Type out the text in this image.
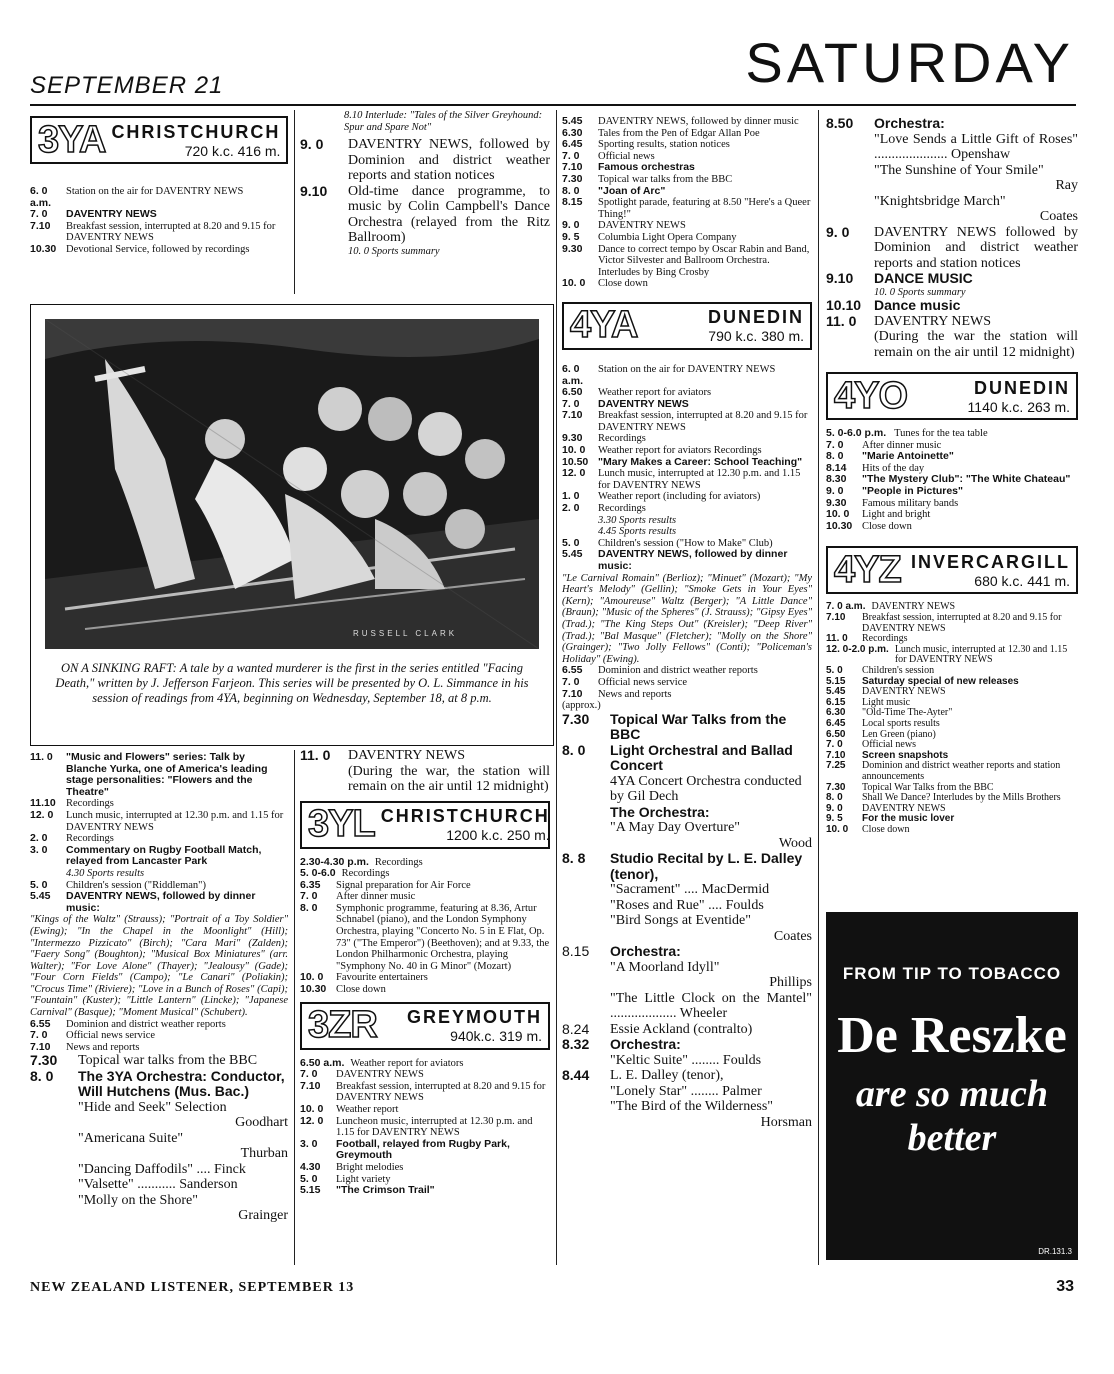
SEPTEMBER 21	SATURDAY
3YA CHRISTCHURCH
720 k.c. 416 m.
6. 0 a.m.
Station on the air for DAVENTRY NEWS
7. 0	DAVENTRY NEWS
7.10	Breakfast session, interrupted at 8.20 and 9.15 for DAVENTRY NEWS
10.30 Devotional Service, followed by recordings
8.10 Interlude: "Tales of the Silver Greyhound: Spur and Spare Not"
9. 0	DAVENTRY NEWS, followed by Dominion and district weather reports and station notices
9.10	Old-time dance programme, to music by Colin Campbell's Dance Orchestra (relayed from the Ritz Ballroom)
10. 0 Sports summary
RUSSELL CLARK
ON A SINKING RAFT: A tale by a wanted murderer is the first in the series entitled "Facing Death," written by J. Jefferson Farjeon. This series will be presented by O. L. Simmance in his session of readings from 4YA, beginning on Wednesday, September 18, at 8 p.m.
11. 0	"Music and Flowers" series: Talk by Blanche Yurka, one of America's leading stage personalities: "Flowers and the Theatre"
11.10 Recordings
12. 0	Lunch music, interrupted at 12.30 p.m. and 1.15 for DAVENTRY NEWS
2. 0	Recordings
3. 0	Commentary on Rugby Football Match, relayed from Lancaster Park
4.30 Sports results
5. 0	Children's session ("Riddleman")
5.45	DAVENTRY NEWS, followed by dinner music:
"Kings of the Waltz" (Strauss); "Portrait of a Toy Soldier" (Ewing); "In the Chapel in the Moonlight" (Hill); "Intermezzo Pizzicato" (Birch); "Cara Mari" (Zalden); "Faery Song" (Boughton); "Musical Box Miniatures" (arr. Walter); "For Love Alone" (Thayer); "Jealousy" (Gade); "Four Corn Fields" (Campo); "Le Canari" (Poliakin); "Crocus Time" (Riviere); "Love in a Bunch of Roses" (Capi); "Fountain" (Kuster); "Little Lantern" (Lincke); "Japanese Carnival" (Basque); "Moment Musical" (Schubert).
6.55	Dominion and district weather reports
7. 0	Official news service
7.10	News and reports
7.30	Topical war talks from the BBC
8. 0	The 3YA Orchestra: Conductor, Will Hutchens (Mus. Bac.)
"Hide and Seek" Selection
Goodhart
"Americana Suite"
Thurban
"Dancing Daffodils" .... Finck
"Valsette" ........... Sanderson
"Molly on the Shore"
Grainger
11. 0	DAVENTRY NEWS
(During the war, the station will remain on the air until 12 midnight)
3YL CHRISTCHURCH
1200 k.c. 250 m.
2.30-4.30 p.m. Recordings
5. 0-6.0 Recordings
6.35	Signal preparation for Air Force
7. 0	After dinner music
8. 0	Symphonic programme, featuring at 8.36, Artur Schnabel (piano), and the London Symphony Orchestra, playing "Concerto No. 5 in E Flat, Op. 73" ("The Emperor") (Beethoven); and at 9.33, the London Philharmonic Orchestra, playing "Symphony No. 40 in G Minor" (Mozart)
10. 0	Favourite entertainers
10.30 Close down
3ZR	GREYMOUTH
940k.c. 319 m.
6.50 a.m. Weather report for aviators
7. 0	DAVENTRY NEWS
7.10	Breakfast session, interrupted at 8.20 and 9.15 for DAVENTRY NEWS
10. 0	Weather report
12. 0	Luncheon music, interrupted at 12.30 p.m. and 1.15 for DAVENTRY NEWS
3. 0	Football, relayed from Rugby Park, Greymouth
4.30	Bright melodies
5. 0	Light variety
5.15	"The Crimson Trail"
5.45	DAVENTRY NEWS, followed by dinner music
6.30	Tales from the Pen of Edgar Allan Poe
6.45	Sporting results, station notices
7. 0	Official news
7.10	Famous orchestras
7.30	Topical war talks from the BBC
8. 0	"Joan of Arc"
8.15	Spotlight parade, featuring at 8.50 "Here's a Queer Thing!"
9. 0	DAVENTRY NEWS
9. 5	Columbia Light Opera Company
9.30	Dance to correct tempo by Oscar Rabin and Band, Victor Silvester and Ballroom Orchestra. Interludes by Bing Crosby
10. 0	Close down
4YA	DUNEDIN
790 k.c. 380 m.
6. 0 a.m.
Station on the air for DAVENTRY NEWS
6.50	Weather report for aviators
7. 0	DAVENTRY NEWS
7.10	Breakfast session, interrupted at 8.20 and 9.15 for DAVENTRY NEWS
9.30	Recordings
10. 0	Weather report for aviators Recordings
10.50 "Mary Makes a Career: School Teaching"
12. 0	Lunch music, interrupted at 12.30 p.m. and 1.15 for DAVENTRY NEWS
1. 0	Weather report (including for aviators)
2. 0	Recordings
3.30 Sports results
4.45 Sports results
5. 0	Children's session ("How to Make" Club)
5.45	DAVENTRY NEWS, followed by dinner music:
"Le Carnival Romain" (Berlioz); "Minuet" (Mozart); "My Heart's Melody" (Gellin); "Smoke Gets in Your Eyes" (Kern); "Amoureuse" Waltz (Berger); "A Little Dance" (Braun); "Music of the Spheres" (J. Strauss); "Gipsy Eyes" (Trad.); "The King Steps Out" (Kreisler); "Deep River" (Trad.); "Bal Masque" (Fletcher); "Molly on the Shore" (Grainger); "Two Jolly Fellows" (Conti); "Policeman's Holiday" (Ewing).
6.55	Dominion and district weather reports
7. 0	Official news service
7.10	News and reports
(approx.)
7.30	Topical War Talks from the BBC
8. 0	Light Orchestral and Ballad Concert
4YA Concert Orchestra conducted by Gil Dech
The Orchestra:
"A May Day Overture"
Wood
8. 8	Studio Recital by L. E. Dalley (tenor),
"Sacrament" .... MacDermid
"Roses and Rue" .... Foulds
"Bird Songs at Eventide"
Coates
8.15	Orchestra:
"A Moorland Idyll"
Phillips
"The Little Clock on the Mantel" ................... Wheeler
8.24	Essie Ackland (contralto)
8.32	Orchestra:
"Keltic Suite" ........ Foulds
8.44	L. E. Dalley (tenor),
"Lonely Star" ........ Palmer
"The Bird of the Wilderness"
Horsman
8.50	Orchestra:
"Love Sends a Little Gift of Roses" ..................... Openshaw
"The Sunshine of Your Smile"
Ray
"Knightsbridge March"
Coates
9. 0	DAVENTRY NEWS followed by Dominion and district weather reports and station notices
9.10	DANCE MUSIC
10. 0 Sports summary
10.10 Dance music
11. 0	DAVENTRY NEWS
(During the war the station will remain on the air until 12 midnight)
4YO	DUNEDIN
1140 k.c. 263 m.
5. 0-6.0 p.m. Tunes for the tea table
7. 0	After dinner music
8. 0	"Marie Antoinette"
8.14	Hits of the day
8.30	"The Mystery Club": "The White Chateau"
9. 0	"People in Pictures"
9.30	Famous military bands
10. 0	Light and bright
10.30 Close down
4YZ INVERCARGILL
680 k.c. 441 m.
7. 0 a.m. DAVENTRY NEWS
7.10	Breakfast session, interrupted at 8.20 and 9.15 for DAVENTRY NEWS
11. 0	Recordings
12. 0-2.0 p.m. Lunch music, interrupted at 12.30 and 1.15 for DAVENTRY NEWS
5. 0	Children's session
5.15	Saturday special of new releases
5.45	DAVENTRY NEWS
6.15	Light music
6.30	"Old-Time The-Ayter"
6.45	Local sports results
6.50	Len Green (piano)
7. 0	Official news
7.10	Screen snapshots
7.25	Dominion and district weather reports and station announcements
7.30	Topical War Talks from the BBC
8. 0	Shall We Dance? Interludes by the Mills Brothers
9. 0	DAVENTRY NEWS
9. 5	For the music lover
10. 0	Close down
FROM TIP TO TOBACCO
De Reszke
are so much
better
DR.131.3
NEW ZEALAND LISTENER, SEPTEMBER 13	33
